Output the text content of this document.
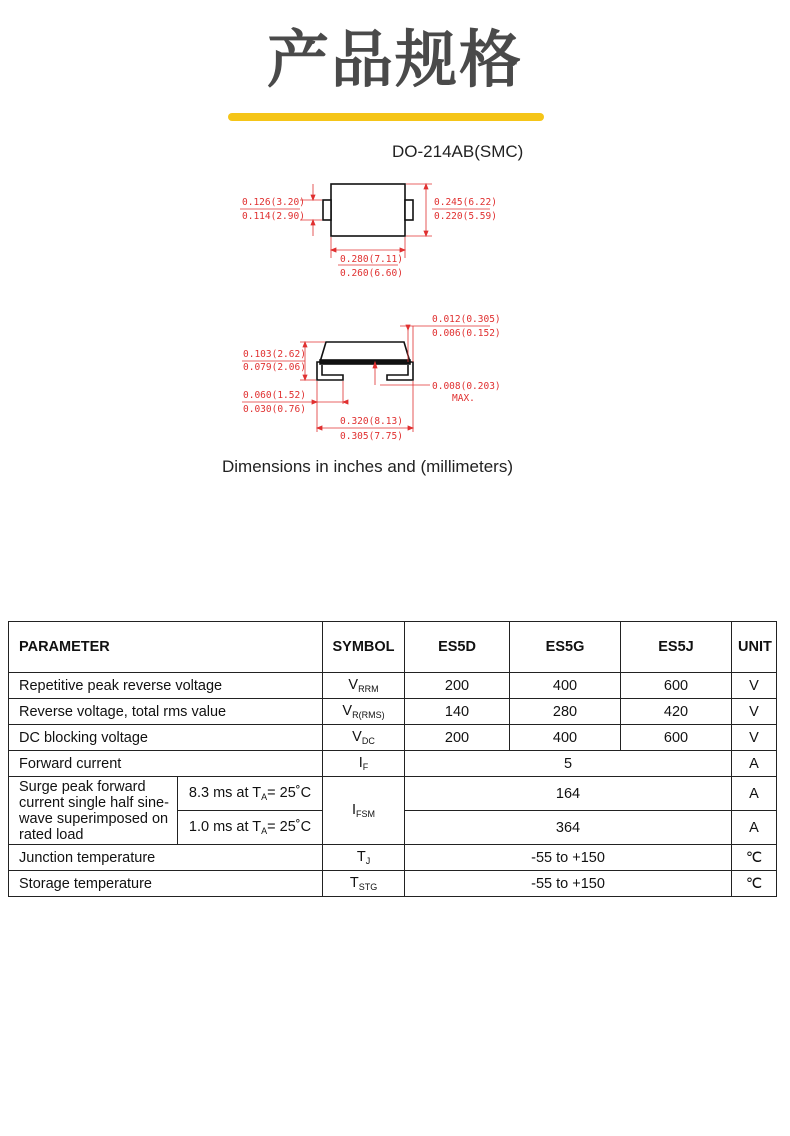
产品规格
DO-214AB(SMC)
0.126(3.20)
0.114(2.90)
0.245(6.22)
0.220(5.59)
0.280(7.11)
0.260(6.60)
0.012(0.305)
0.006(0.152)
0.103(2.62)
0.079(2.06)
0.008(0.203)
MAX.
0.060(1.52)
0.030(0.76)
0.320(8.13)
0.305(7.75)
Dimensions in inches and (millimeters)
PARAMETER		SYMBOL	ES5D	ES5G	ES5J	UNIT
Repetitive peak reverse voltage		$V_{RRM}$	200	400	600	V
Reverse voltage, total rms value		$V_{R(RMS)}$	140	280	420	V
DC blocking voltage		$V_{DC}$	200	400	600	V
Forward current		$I_F$	5			A
Surge peak forward current single half sine-wave superimposed on rated load	8.3 ms at $T_A=$ 25˚C	$I_{FSM}$	164			A
	1.0 ms at $T_A=$ 25˚C		364			A
Junction temperature		$T_J$	-55 to +150			℃
Storage temperature		$T_{STG}$	-55 to +150			℃
